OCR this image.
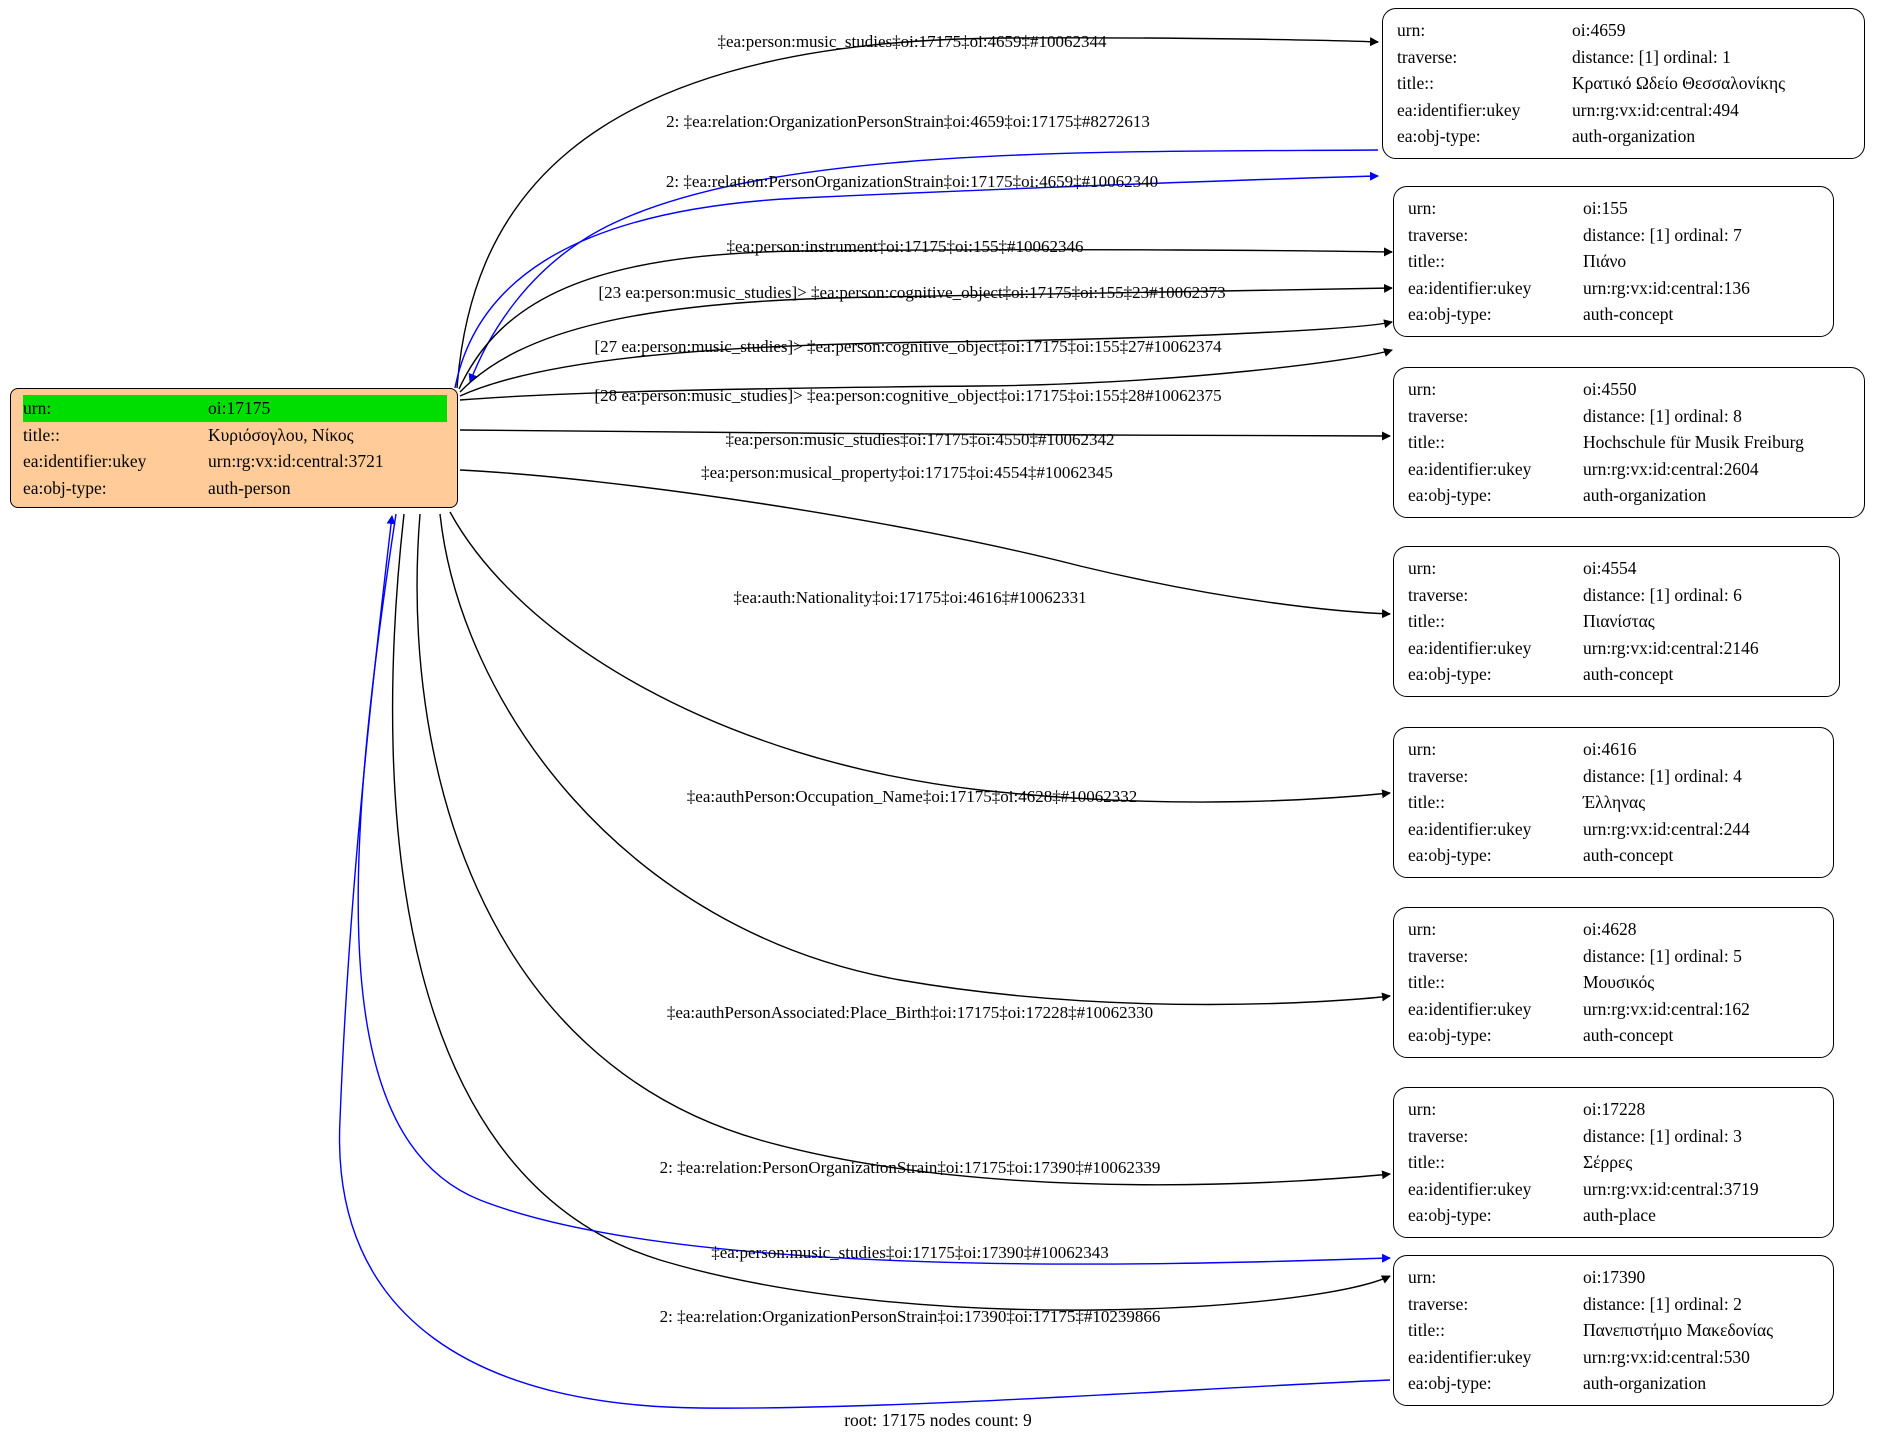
urn:	oi:17175
title::	Κυριόσογλου, Νίκος
ea:identifier:ukey	urn:rg:vx:id:central:3721
ea:obj-type:	auth-person
urn:	oi:4659
traverse:	distance: [1] ordinal: 1
title::	Κρατικό Ωδείο Θεσσαλονίκης
ea:identifier:ukey	urn:rg:vx:id:central:494
ea:obj-type:	auth-organization
urn:	oi:155
traverse:	distance: [1] ordinal: 7
title::	Πιάνο
ea:identifier:ukey	urn:rg:vx:id:central:136
ea:obj-type:	auth-concept
urn:	oi:4550
traverse:	distance: [1] ordinal: 8
title::	Hochschule für Musik Freiburg
ea:identifier:ukey	urn:rg:vx:id:central:2604
ea:obj-type:	auth-organization
urn:	oi:4554
traverse:	distance: [1] ordinal: 6
title::	Πιανίστας
ea:identifier:ukey	urn:rg:vx:id:central:2146
ea:obj-type:	auth-concept
urn:	oi:4616
traverse:	distance: [1] ordinal: 4
title::	Έλληνας
ea:identifier:ukey	urn:rg:vx:id:central:244
ea:obj-type:	auth-concept
urn:	oi:4628
traverse:	distance: [1] ordinal: 5
title::	Μουσικός
ea:identifier:ukey	urn:rg:vx:id:central:162
ea:obj-type:	auth-concept
urn:	oi:17228
traverse:	distance: [1] ordinal: 3
title::	Σέρρες
ea:identifier:ukey	urn:rg:vx:id:central:3719
ea:obj-type:	auth-place
urn:	oi:17390
traverse:	distance: [1] ordinal: 2
title::	Πανεπιστήμιο Μακεδονίας
ea:identifier:ukey	urn:rg:vx:id:central:530
ea:obj-type:	auth-organization
‡ea:person:music_studies‡oi:17175‡oi:4659‡#10062344
2: ‡ea:relation:OrganizationPersonStrain‡oi:4659‡oi:17175‡#8272613
2: ‡ea:relation:PersonOrganizationStrain‡oi:17175‡oi:4659‡#10062340
‡ea:person:instrument‡oi:17175‡oi:155‡#10062346
[23 ea:person:music_studies]> ‡ea:person:cognitive_object‡oi:17175‡oi:155‡23#10062373
[27 ea:person:music_studies]> ‡ea:person:cognitive_object‡oi:17175‡oi:155‡27#10062374
[28 ea:person:music_studies]> ‡ea:person:cognitive_object‡oi:17175‡oi:155‡28#10062375
‡ea:person:music_studies‡oi:17175‡oi:4550‡#10062342
‡ea:person:musical_property‡oi:17175‡oi:4554‡#10062345
‡ea:auth:Nationality‡oi:17175‡oi:4616‡#10062331
‡ea:authPerson:Occupation_Name‡oi:17175‡oi:4628‡#10062332
‡ea:authPersonAssociated:Place_Birth‡oi:17175‡oi:17228‡#10062330
2: ‡ea:relation:PersonOrganizationStrain‡oi:17175‡oi:17390‡#10062339
‡ea:person:music_studies‡oi:17175‡oi:17390‡#10062343
2: ‡ea:relation:OrganizationPersonStrain‡oi:17390‡oi:17175‡#10239866
root: 17175 nodes count: 9
